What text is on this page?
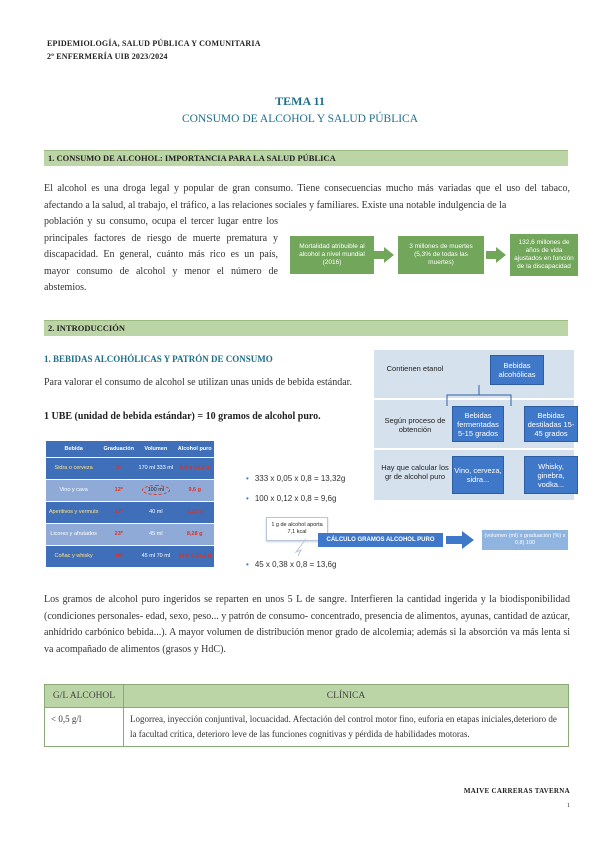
EPIDEMIOLOGÍA, SALUD PÚBLICA Y COMUNITARIA
2º ENFERMERÍA UIB 2023/2024
TEMA 11
CONSUMO DE ALCOHOL Y SALUD PÚBLICA
1. CONSUMO DE ALCOHOL: IMPORTANCIA PARA LA SALUD PÚBLICA
El alcohol es una droga legal y popular de gran consumo. Tiene consecuencias mucho más variadas que el uso del tabaco, afectando a la salud, al trabajo, el tráfico, a las relaciones sociales y familiares. Existe una notable indulgencia de la
población y su consumo, ocupa el tercer lugar entre los principales factores de riesgo de muerte prematura y discapacidad. En general, cuánto más rico es un país, mayor consumo de alcohol y menor el número de abstemios.
Mortalidad atribuible al alcohol a nivel mundial (2016)
3 millones de muertes (5,3% de todas las muertes)
132,6 millones de años de vida ajustados en función de la discapacidad
2. INTRODUCCIÓN
1. BEBIDAS ALCOHÓLICAS Y PATRÓN DE CONSUMO
Para valorar el consumo de alcohol se utilizan unas unids de bebida estándar.
1 UBE (unidad de bebida estándar) = 10 gramos de alcohol puro.
Contienen etanol
Según proceso de obtención
Hay que calcular los gr de alcohol puro
Bebidas alcohólicas
Bebidas fermentadas 5-15 grados
Bebidas destiladas 15-45 grados
Vino, cerveza, sidra...
Whisky, ginebra, vodka...
Bebida	Graduación	Volumen	Alcohol puro
Sidra o cerveza	5º	170 ml 333 ml	6,8 g 13,3 g
Vino y cava	12º	100 ml	9,6 g
Aperitivos y vermuts	17º	40 ml	9,12 g
Licores y afrutados	23º	45 ml	8,28 g
Coñac y whisky	38º	45 ml 70 ml	13,6 g 21,2 g
• 333 x 0,05 x 0,8 = 13,32g
• 100 x 0,12 x 0,8 = 9,6g
• 45 x 0,38 x 0,8 = 13,6g
1 g de alcohol aporta 7,1 kcal
CÁLCULO GRAMOS ALCOHOL PURO
(volumen (ml) x graduación (%) x 0,8) 100
Los gramos de alcohol puro ingeridos se reparten en unos 5 L de sangre. Interfieren la cantidad ingerida y la biodisponibilidad (condiciones personales- edad, sexo, peso... y patrón de consumo- concentrado, presencia de alimentos, ayunas, cantidad de azúcar, anhídrido carbónico bebida...). A mayor volumen de distribución menor grado de alcolemia; además si la absorción va más lenta si va acompañado de alimentos (grasos y HdC).
G/L ALCOHOL	CLÍNICA
< 0,5 g/l	Logorrea, inyección conjuntival, locuacidad. Afectación del control motor fino, euforia en etapas iniciales,deterioro de la facultad crítica, deterioro leve de las funciones cognitivas y pérdida de habilidades motoras.
MAIVE CARRERAS TAVERNA
1
